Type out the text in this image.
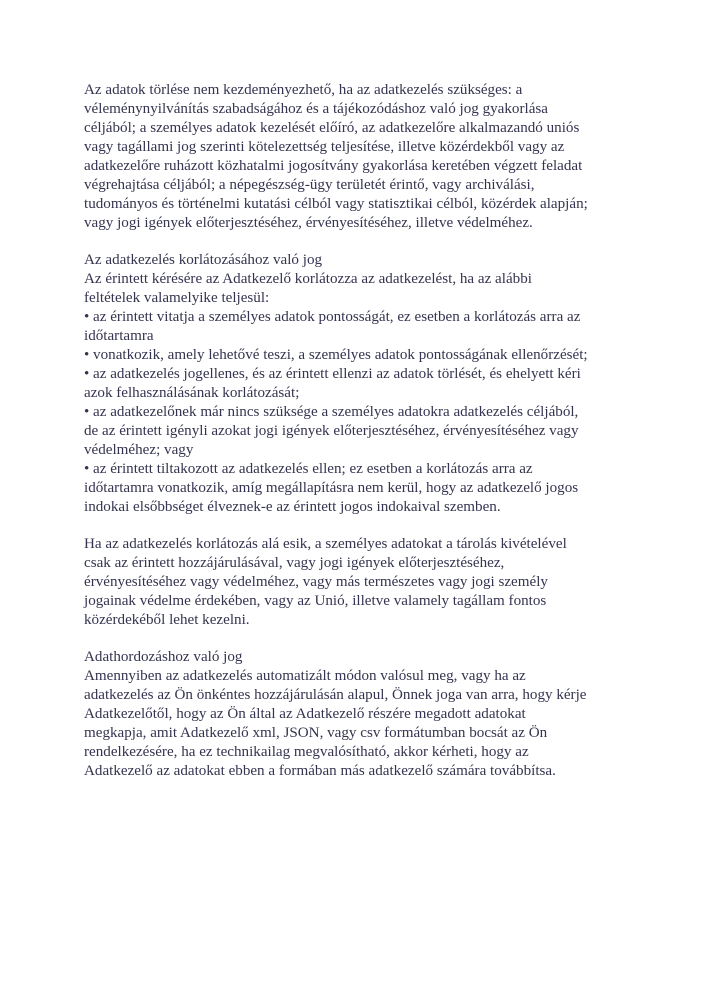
Az adatok törlése nem kezdeményezhető, ha az adatkezelés szükséges: a
véleménynyilvánítás szabadságához és a tájékozódáshoz való jog gyakorlása
céljából; a személyes adatok kezelését előíró, az adatkezelőre alkalmazandó uniós
vagy tagállami jog szerinti kötelezettség teljesítése, illetve közérdekből vagy az
adatkezelőre ruházott közhatalmi jogosítvány gyakorlása keretében végzett feladat
végrehajtása céljából; a népegészség-ügy területét érintő, vagy archiválási,
tudományos és történelmi kutatási célból vagy statisztikai célból, közérdek alapján;
vagy jogi igények előterjesztéséhez, érvényesítéséhez, illetve védelméhez.
Az adatkezelés korlátozásához való jog
Az érintett kérésére az Adatkezelő korlátozza az adatkezelést, ha az alábbi
feltételek valamelyike teljesül:
• az érintett vitatja a személyes adatok pontosságát, ez esetben a korlátozás arra az
időtartamra
• vonatkozik, amely lehetővé teszi, a személyes adatok pontosságának ellenőrzését;
• az adatkezelés jogellenes, és az érintett ellenzi az adatok törlését, és ehelyett kéri
azok felhasználásának korlátozását;
• az adatkezelőnek már nincs szüksége a személyes adatokra adatkezelés céljából,
de az érintett igényli azokat jogi igények előterjesztéséhez, érvényesítéséhez vagy
védelméhez; vagy
• az érintett tiltakozott az adatkezelés ellen; ez esetben a korlátozás arra az
időtartamra vonatkozik, amíg megállapításra nem kerül, hogy az adatkezelő jogos
indokai elsőbbséget élveznek-e az érintett jogos indokaival szemben.
Ha az adatkezelés korlátozás alá esik, a személyes adatokat a tárolás kivételével
csak az érintett hozzájárulásával, vagy jogi igények előterjesztéséhez,
érvényesítéséhez vagy védelméhez, vagy más természetes vagy jogi személy
jogainak védelme érdekében, vagy az Unió, illetve valamely tagállam fontos
közérdekéből lehet kezelni.
Adathordozáshoz való jog
Amennyiben az adatkezelés automatizált módon valósul meg, vagy ha az
adatkezelés az Ön önkéntes hozzájárulásán alapul, Önnek joga van arra, hogy kérje
Adatkezelőtől, hogy az Ön által az Adatkezelő részére megadott adatokat
megkapja, amit Adatkezelő xml, JSON, vagy csv formátumban bocsát az Ön
rendelkezésére, ha ez technikailag megvalósítható, akkor kérheti, hogy az
Adatkezelő az adatokat ebben a formában más adatkezelő számára továbbítsa.
